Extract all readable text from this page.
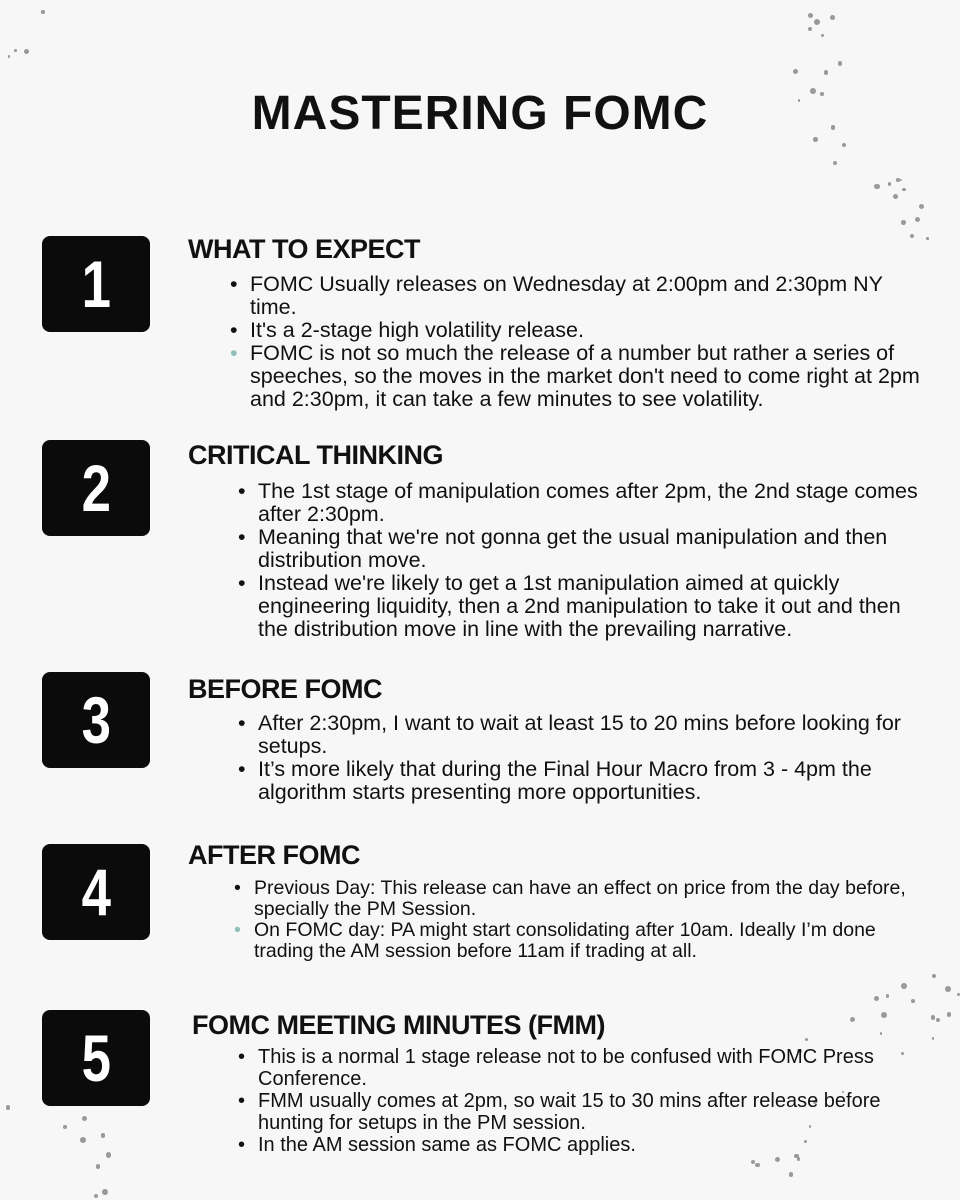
MASTERING FOMC
1	WHAT TO EXPECT
• FOMC Usually releases on Wednesday at 2:00pm and 2:30pm NY time.
• It's a 2-stage high volatility release.
• FOMC is not so much the release of a number but rather a series of speeches, so the moves in the market don't need to come right at 2pm and 2:30pm, it can take a few minutes to see volatility.
2	CRITICAL THINKING
• The 1st stage of manipulation comes after 2pm, the 2nd stage comes after 2:30pm.
• Meaning that we're not gonna get the usual manipulation and then distribution move.
• Instead we're likely to get a 1st manipulation aimed at quickly engineering liquidity, then a 2nd manipulation to take it out and then the distribution move in line with the prevailing narrative.
3	BEFORE FOMC
• After 2:30pm, I want to wait at least 15 to 20 mins before looking for setups.
• It’s more likely that during the Final Hour Macro from 3 - 4pm the algorithm starts presenting more opportunities.
4	AFTER FOMC
• Previous Day: This release can have an effect on price from the day before, specially the PM Session.
• On FOMC day: PA might start consolidating after 10am. Ideally I’m done trading the AM session before 11am if trading at all.
5	FOMC MEETING MINUTES (FMM)
• This is a normal 1 stage release not to be confused with FOMC Press Conference.
• FMM usually comes at 2pm, so wait 15 to 30 mins after release before hunting for setups in the PM session.
• In the AM session same as FOMC applies.
